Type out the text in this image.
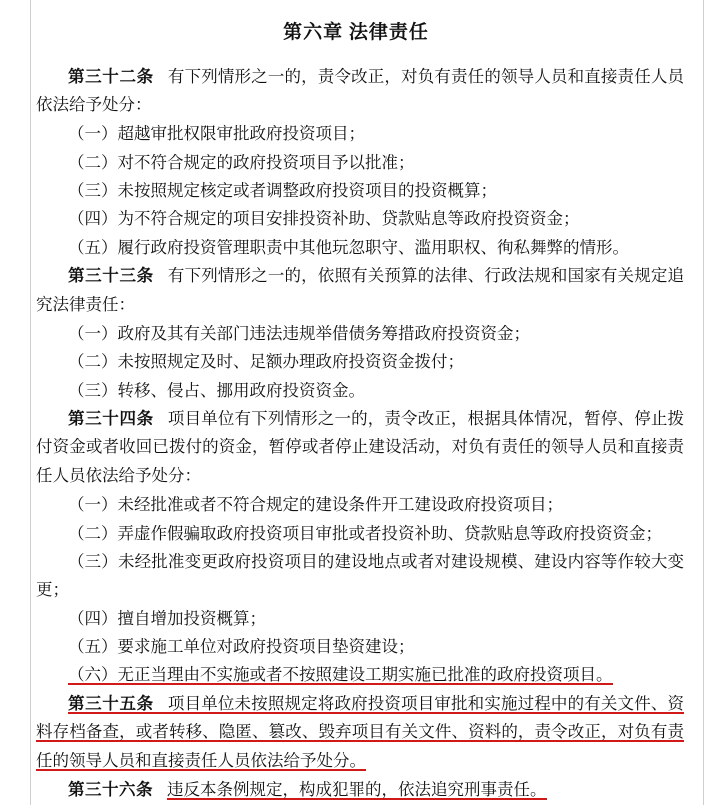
第六章 法律责任

第三十二条 有下列情形之一的，责令改正，对负有责任的领导人员和直接责任人员依法给予处分：

（一）超越审批权限审批政府投资项目；

（二）对不符合规定的政府投资项目予以批准；

（三）未按照规定核定或者调整政府投资项目的投资概算；

（四）为不符合规定的项目安排投资补助、贷款贴息等政府投资资金；

（五）履行政府投资管理职责中其他玩忽职守、滥用职权、徇私舞弊的情形。

第三十三条 有下列情形之一的，依照有关预算的法律、行政法规和国家有关规定追究法律责任：

（一）政府及其有关部门违法违规举借债务筹措政府投资资金；

（二）未按照规定及时、足额办理政府投资资金拨付；

（三）转移、侵占、挪用政府投资资金。

第三十四条 项目单位有下列情形之一的，责令改正，根据具体情况，暂停、停止拨付资金或者收回已拨付的资金，暂停或者停止建设活动，对负有责任的领导人员和直接责任人员依法给予处分：

（一）未经批准或者不符合规定的建设条件开工建设政府投资项目；

（二）弄虚作假骗取政府投资项目审批或者投资补助、贷款贴息等政府投资资金；

（三）未经批准变更政府投资项目的建设地点或者对建设规模、建设内容等作较大变更；

（四）擅自增加投资概算；

（五）要求施工单位对政府投资项目垫资建设；

（六）无正当理由不实施或者不按照建设工期实施已批准的政府投资项目。

第三十五条 项目单位未按照规定将政府投资项目审批和实施过程中的有关文件、资料存档备查，或者转移、隐匿、篡改、毁弃项目有关文件、资料的，责令改正，对负有责任的领导人员和直接责任人员依法给予处分。

第三十六条 违反本条例规定，构成犯罪的，依法追究刑事责任。
